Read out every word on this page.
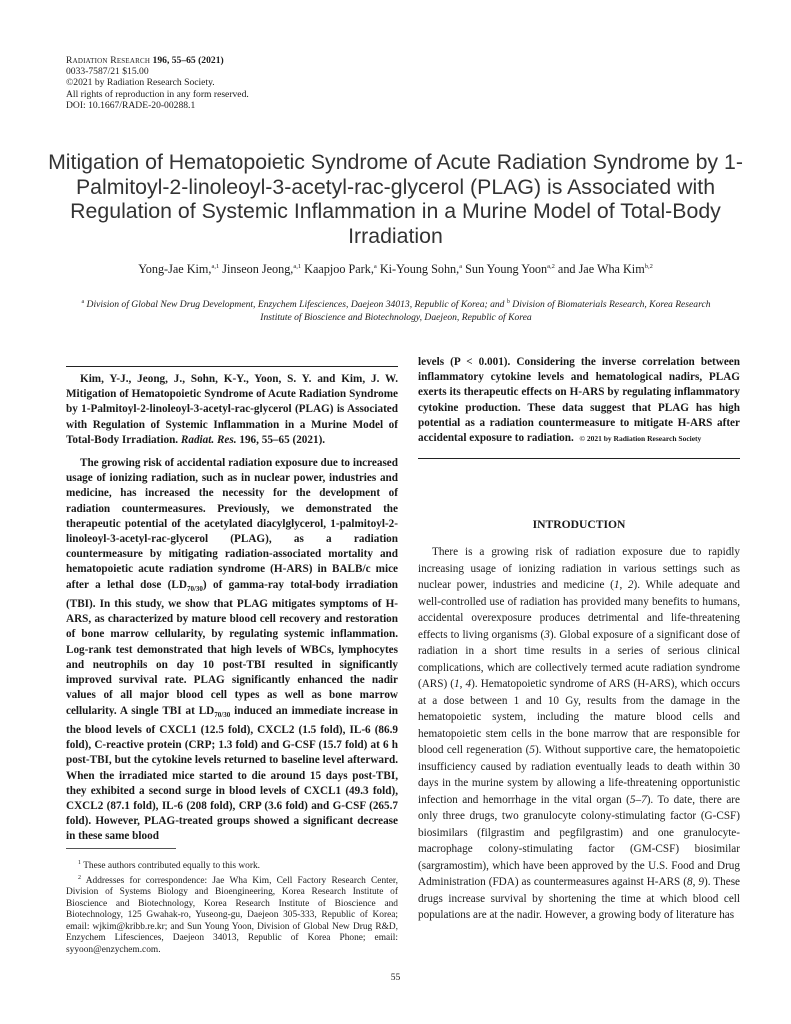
Radiation Research 196, 55–65 (2021)
0033-7587/21 $15.00
©2021 by Radiation Research Society.
All rights of reproduction in any form reserved.
DOI: 10.1667/RADE-20-00288.1
Mitigation of Hematopoietic Syndrome of Acute Radiation Syndrome by 1-Palmitoyl-2-linoleoyl-3-acetyl-rac-glycerol (PLAG) is Associated with Regulation of Systemic Inflammation in a Murine Model of Total-Body Irradiation
Yong-Jae Kim,$^{a,1}$ Jinseon Jeong,$^{a,1}$ Kaapjoo Park,$^a$ Ki-Young Sohn,$^a$ Sun Young Yoon$^{a,2}$ and Jae Wha Kim$^{b,2}$
$^a$ Division of Global New Drug Development, Enzychem Lifesciences, Daejeon 34013, Republic of Korea; and $^b$ Division of Biomaterials Research, Korea Research Institute of Bioscience and Biotechnology, Daejeon, Republic of Korea
Kim, Y-J., Jeong, J., Sohn, K-Y., Yoon, S. Y. and Kim, J. W. Mitigation of Hematopoietic Syndrome of Acute Radiation Syndrome by 1-Palmitoyl-2-linoleoyl-3-acetyl-rac-glycerol (PLAG) is Associated with Regulation of Systemic Inflammation in a Murine Model of Total-Body Irradiation. Radiat. Res. 196, 55–65 (2021).
The growing risk of accidental radiation exposure due to increased usage of ionizing radiation, such as in nuclear power, industries and medicine, has increased the necessity for the development of radiation countermeasures. Previously, we demonstrated the therapeutic potential of the acetylated diacylglycerol, 1-palmitoyl-2-linoleoyl-3-acetyl-rac-glycerol (PLAG), as a radiation countermeasure by mitigating radiation-associated mortality and hematopoietic acute radiation syndrome (H-ARS) in BALB/c mice after a lethal dose $(LD_{70/30})$ of gamma-ray total-body irradiation (TBI). In this study, we show that PLAG mitigates symptoms of H-ARS, as characterized by mature blood cell recovery and restoration of bone marrow cellularity, by regulating systemic inflammation. Log-rank test demonstrated that high levels of WBCs, lymphocytes and neutrophils on day 10 post-TBI resulted in significantly improved survival rate. PLAG significantly enhanced the nadir values of all major blood cell types as well as bone marrow cellularity. A single TBI at $LD_{70/30}$ induced an immediate increase in the blood levels of CXCL1 (12.5 fold), CXCL2 (1.5 fold), IL-6 (86.9 fold), C-reactive protein (CRP; 1.3 fold) and G-CSF (15.7 fold) at 6 h post-TBI, but the cytokine levels returned to baseline level afterward. When the irradiated mice started to die around 15 days post-TBI, they exhibited a second surge in blood levels of CXCL1 (49.3 fold), CXCL2 (87.1 fold), IL-6 (208 fold), CRP (3.6 fold) and G-CSF (265.7 fold). However, PLAG-treated groups showed a significant decrease in these same blood
levels (P < 0.001). Considering the inverse correlation between inflammatory cytokine levels and hematological nadirs, PLAG exerts its therapeutic effects on H-ARS by regulating inflammatory cytokine production. These data suggest that PLAG has high potential as a radiation countermeasure to mitigate H-ARS after accidental exposure to radiation. © 2021 by Radiation Research Society
INTRODUCTION
There is a growing risk of radiation exposure due to rapidly increasing usage of ionizing radiation in various settings such as nuclear power, industries and medicine (1, 2). While adequate and well-controlled use of radiation has provided many benefits to humans, accidental overexposure produces detrimental and life-threatening effects to living organisms (3). Global exposure of a significant dose of radiation in a short time results in a series of serious clinical complications, which are collectively termed acute radiation syndrome (ARS) (1, 4). Hematopoietic syndrome of ARS (H-ARS), which occurs at a dose between 1 and 10 Gy, results from the damage in the hematopoietic system, including the mature blood cells and hematopoietic stem cells in the bone marrow that are responsible for blood cell regeneration (5). Without supportive care, the hematopoietic insufficiency caused by radiation eventually leads to death within 30 days in the murine system by allowing a life-threatening opportunistic infection and hemorrhage in the vital organ (5–7). To date, there are only three drugs, two granulocyte colony-stimulating factor (G-CSF) biosimilars (filgrastim and pegfilgrastim) and one granulocyte-macrophage colony-stimulating factor (GM-CSF) biosimilar (sargramostim), which have been approved by the U.S. Food and Drug Administration (FDA) as countermeasures against H-ARS (8, 9). These drugs increase survival by shortening the time at which blood cell populations are at the nadir. However, a growing body of literature has

$^1$ These authors contributed equally to this work.

$^2$ Addresses for correspondence: Jae Wha Kim, Cell Factory Research Center, Division of Systems Biology and Bioengineering, Korea Research Institute of Bioscience and Biotechnology, Korea Research Institute of Bioscience and Biotechnology, 125 Gwahak-ro, Yuseong-gu, Daejeon 305-333, Republic of Korea; email: wjkim@kribb.re.kr; and Sun Young Yoon, Division of Global New Drug R&D, Enzychem Lifesciences, Daejeon 34013, Republic of Korea Phone; email: syyoon@enzychem.com.

55
